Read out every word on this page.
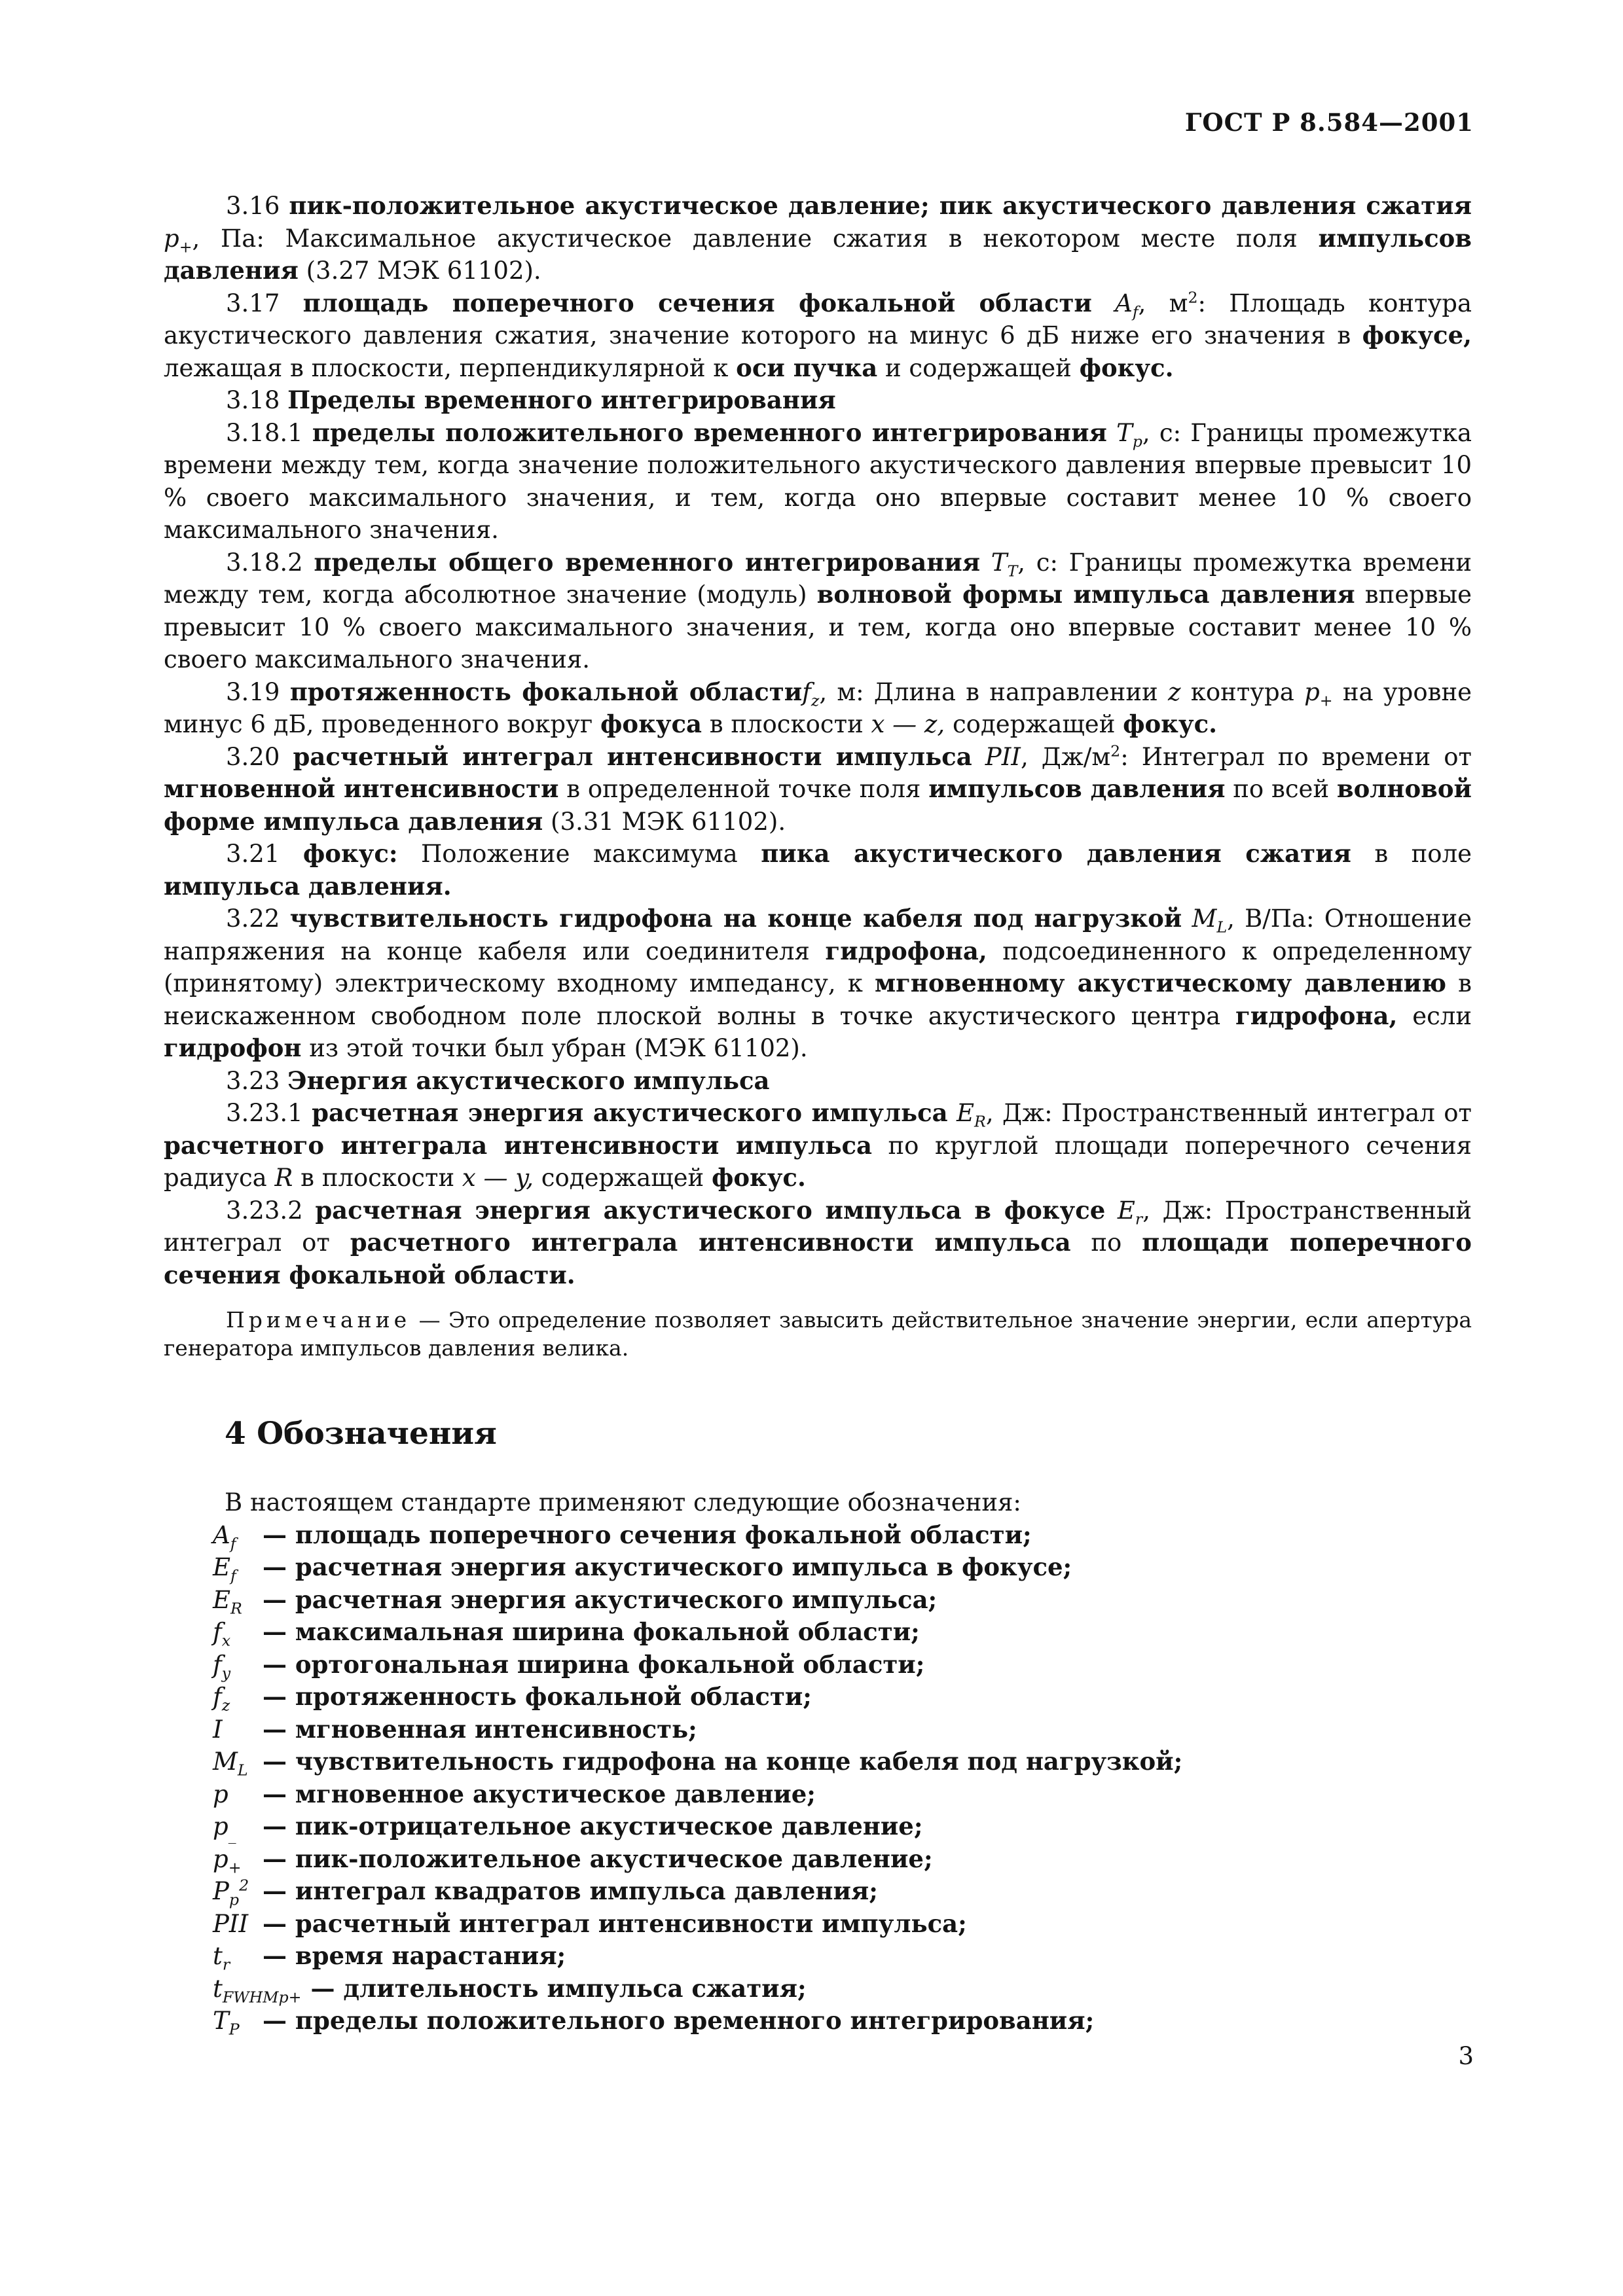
ГОСТ Р 8.584—2001

3.16 пик-положительное акустическое давление; пик акустического давления сжатия $p_+$, Па: Максимальное акустическое давление сжатия в некотором месте поля импульсов давления (3.27 МЭК 61102).

3.17 площадь поперечного сечения фокальной области $A_f$, $м^2$: Площадь контура акустического давления сжатия, значение которого на минус 6 дБ ниже его значения в фокусе, лежащая в плоскости, перпендикулярной к оси пучка и содержащей фокус.

3.18 Пределы временного интегрирования

3.18.1 пределы положительного временного интегрирования $T_p$, с: Границы промежутка времени между тем, когда значение положительного акустического давления впервые превысит 10 % своего максимального значения, и тем, когда оно впервые составит менее 10 % своего максимального значения.

3.18.2 пределы общего временного интегрирования $T_T$, с: Границы промежутка времени между тем, когда абсолютное значение (модуль) волновой формы импульса давления впервые превысит 10 % своего максимального значения, и тем, когда оно впервые составит менее 10 % своего максимального значения.

3.19 протяженность фокальной областиf$_z$, м: Длина в направлении z контура $p_+$ на уровне минус 6 дБ, проведенного вокруг фокуса в плоскости x — z, содержащей фокус.

3.20 расчетный интеграл интенсивности импульса PII, $Дж/м^2$: Интеграл по времени от мгновенной интенсивности в определенной точке поля импульсов давления по всей волновой форме импульса давления (3.31 МЭК 61102).

3.21 фокус: Положение максимума пика акустического давления сжатия в поле импульса давления.

3.22 чувствительность гидрофона на конце кабеля под нагрузкой $M_L$, В/Па: Отношение напряжения на конце кабеля или соединителя гидрофона, подсоединенного к определенному (принятому) электрическому входному импедансу, к мгновенному акустическому давлению в неискаженном свободном поле плоской волны в точке акустического центра гидрофона, если гидрофон из этой точки был убран (МЭК 61102).

3.23 Энергия акустического импульса

3.23.1 расчетная энергия акустического импульса $E_R$, Дж: Пространственный интеграл от расчетного интеграла интенсивности импульса по круглой площади поперечного сечения радиуса R в плоскости x — y, содержащей фокус.

3.23.2 расчетная энергия акустического импульса в фокусе $E_r$, Дж: Пространственный интеграл от расчетного интеграла интенсивности импульса по площади поперечного сечения фокальной области.

Примечание — Это определение позволяет завысить действительное значение энергии, если апертура генератора импульсов давления велика.

4 Обозначения
В настоящем стандарте применяют следующие обозначения:
$A_f$	— площадь поперечного сечения фокальной области;
$E_f$	— расчетная энергия акустического импульса в фокусе;
$E_R$ — расчетная энергия акустического импульса;
$f_x$	— максимальная ширина фокальной области;
$f_y$	— ортогональная ширина фокальной области;
$f_z$	— протяженность фокальной области;
I	— мгновенная интенсивность;
$M_L$ — чувствительность гидрофона на конце кабеля под нагрузкой;
p	— мгновенное акустическое давление;
$p_{\_}$	— пик-отрицательное акустическое давление;
$p_+$ — пик-положительное акустическое давление;
$P_p^2$ — интеграл квадратов импульса давления;
PII — расчетный интеграл интенсивности импульса;
$t_r$	— время нарастания;
$t_{FWHMp+}$ — длительность импульса сжатия;
$T_P$ — пределы положительного временного интегрирования;
3
